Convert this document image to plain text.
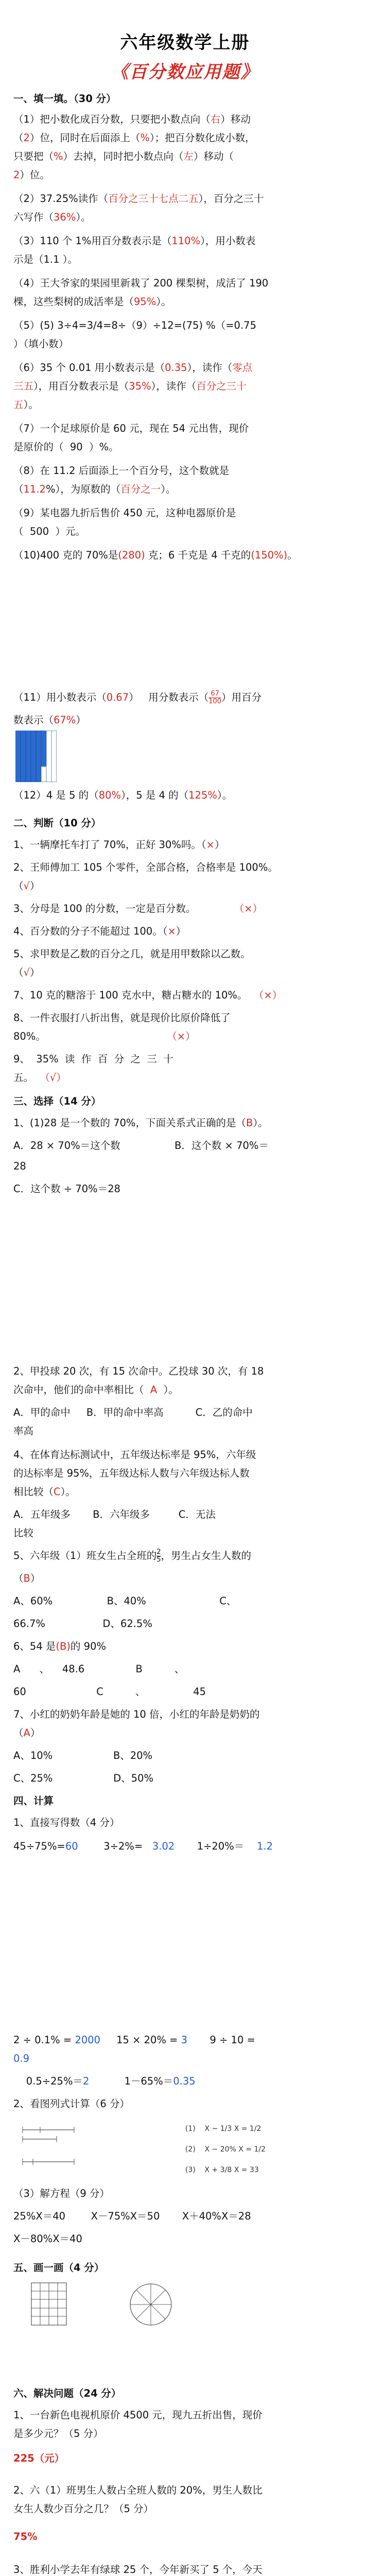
六年级数学上册
《百分数应用题》
一、填一填。（30 分）
（1）把小数化成百分数，只要把小数点向（右）移动
（2）位，同时在后面添上（%）；把百分数化成小数，
只要把（%）去掉，同时把小数点向（左）移动（
2）位。
（2）37.25%读作（百分之三十七点二五），百分之三十
六写作（36%）。
（3）110 个 1%用百分数表示是（110%），用小数表
示是（1.1 ）。
（4）王大爷家的果园里新栽了 200 棵梨树，成活了 190
棵，这些梨树的成活率是（95%）。
（5）(5) 3÷4=3/4=8÷（9）÷12=(75) %（=0.75
）（填小数）
（6）35 个 0.01 用小数表示是（0.35），读作（零点
三五），用百分数表示是（35%），读作（百分之三十
五）。
（7）一个足球原价是 60 元，现在 54 元出售，现价
是原价的（  90  ）%。
（8）在 11.2 后面添上一个百分号，这个数就是
（11.2%），为原数的（百分之一）。
（9）某电器九折后售价 450 元，这种电器原价是
（  500  ）元。
（10)400 克的 70%是(280) 克；6 千克是 4 千克的(150%)。
（11）用小数表示（0.67）   用分数表示（ $\frac{67}{100}$ ）用百分
数表示（67%）
（12）4 是 5 的（80%），5 是 4 的（125%）。
二、判断（10 分）
1、一辆摩托车打了 70%，正好 30%吗。（×）
2、王师傅加工 105 个零件，全部合格，合格率是 100%。
（√）
3、分母是 100 的分数，一定是百分数。	（×）
4、百分数的分子不能超过 100。（×）
5、求甲数是乙数的百分之几，就是用甲数除以乙数。
（√）
7、10 克的糖溶于 100 克水中，糖占糖水的 10%。 （×）
8、一件衣服打八折出售，就是现价比原价降低了
80%。	（×）
9、  35%  读  作  百  分  之  三  十
五。 （√）
三、选择（14 分）
1、(1)28 是一个数的 70%，下面关系式正确的是（B）。
A．28 × 70%＝这个数	B．这个数 × 70%＝
28
C．这个数 ÷ 70%＝28
2、甲投球 20 次，有 15 次命中。乙投球 30 次，有 18
次命中，他们的命中率相比（  A  ）。
A．甲的命中 B．甲的命中率高	C．乙的命中
率高
4、在体育达标测试中，五年级达标率是 95%，六年级
的达标率是 95%，五年级达标人数与六年级达标人数
相比较（C）。
A．五年级多 B．六年级多	C．无法
比较
5、六年级（1）班女生占全班的 $\frac{2}{5}$ ，男生占女生人数的
（B）
A、60%	B、40%	C、
66.7%	D、62.5%
6、54 是(B)的 90%
A 、 48.6	B	、
60	C	、	45
7、小红的奶奶年龄是她的 10 倍，小红的年龄是奶奶的
（A）
A、10%	B、20%
C、25%	D、50%
四、计算
1、直接写得数（4 分）
45÷75%=60	3÷2%= 3.02 1÷20%＝ 1.2
2 ÷ 0.1% = 2000 15 × 20% = 3 9 ÷ 10 =
0.9
0.5÷25%＝2	1－65%＝0.35
2、看图列式计算（6 分）
(1)    X − 1/3 X = 1/2
(2)    X − 20% X = 1/2
(3)    X + 3/8 X = 33
（3）解方程（9 分）
25%X＝40	X－75%X＝50 X＋40%X＝28
X－80%X＝40
五、画一画（4 分）
六、解决问题（24 分）
1、一台新色电视机原价 4500 元，现九五折出售，现价
是多少元？（5 分）
225（元）
2、六（1）班男生人数占全班人数的 20%，男生人数比
女生人数少百分之几？（5 分）
75%
3、胜利小学去年有绿球 25 个，今年新买了 5 个，今天
